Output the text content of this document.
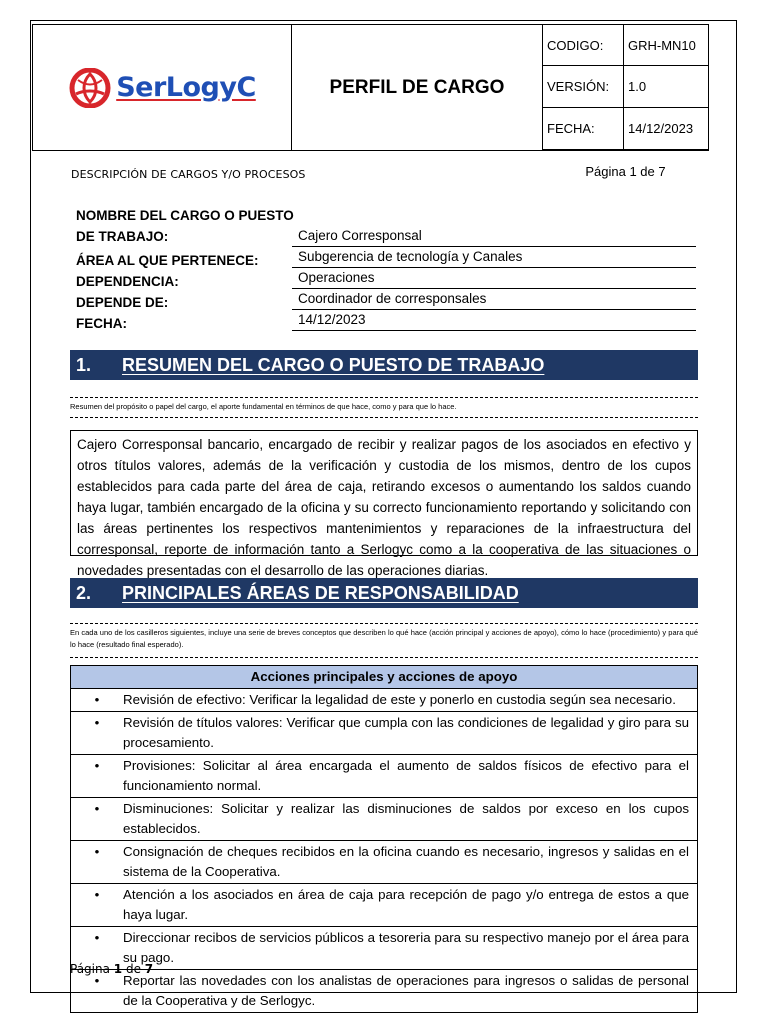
SerLogyC	PERFIL DE CARGO	
CODIGO:	GRH-MN10
VERSIÓN:	1.0
FECHA:	14/12/2023
Página 1 de 7
DESCRIPCIÓN DE CARGOS Y/O PROCESOS
NOMBRE DEL CARGO O PUESTO
DE TRABAJO:	Cajero Corresponsal
ÁREA AL QUE PERTENECE:	Subgerencia de tecnología y Canales
DEPENDENCIA:	Operaciones
DEPENDE DE:	Coordinador de corresponsales
FECHA:	14/12/2023
1.	RESUMEN DEL CARGO O PUESTO DE TRABAJO
Resumen del propósito o papel del cargo, el aporte fundamental en términos de que hace, como y para que lo hace.
Cajero Corresponsal bancario, encargado de recibir y realizar pagos de los asociados en efectivo y otros títulos valores, además de la verificación y custodia de los mismos, dentro de los cupos establecidos para cada parte del área de caja, retirando excesos o aumentando los saldos cuando haya lugar, también encargado de la oficina y su correcto funcionamiento reportando y solicitando con las áreas pertinentes los respectivos mantenimientos y reparaciones de la infraestructura del corresponsal, reporte de información tanto a Serlogyc como a la cooperativa de las situaciones o novedades presentadas con el desarrollo de las operaciones diarias.
2.	PRINCIPALES ÁREAS DE RESPONSABILIDAD
En cada uno de los casilleros siguientes, incluye una serie de breves conceptos que describen lo qué hace (acción principal y acciones de apoyo), cómo lo hace (procedimiento) y para qué lo hace (resultado final esperado).
Acciones principales y acciones de apoyo

•	Revisión de efectivo: Verificar la legalidad de este y ponerlo en custodia según sea necesario.

•	Revisión de títulos valores: Verificar que cumpla con las condiciones de legalidad y giro para su procesamiento.

•	Provisiones: Solicitar al área encargada el aumento de saldos físicos de efectivo para el funcionamiento normal.

•	Disminuciones: Solicitar y realizar las disminuciones de saldos por exceso en los cupos establecidos.

•	Consignación de cheques recibidos en la oficina cuando es necesario, ingresos y salidas en el sistema de la Cooperativa.

•	Atención a los asociados en área de caja para recepción de pago y/o entrega de estos a que haya lugar.

•	Direccionar recibos de servicios públicos a tesoreria para su respectivo manejo por el área para su pago.

•	Reportar las novedades con los analistas de operaciones para ingresos o salidas de personal de la Cooperativa y de Serlogyc.
Página 1 de 7
